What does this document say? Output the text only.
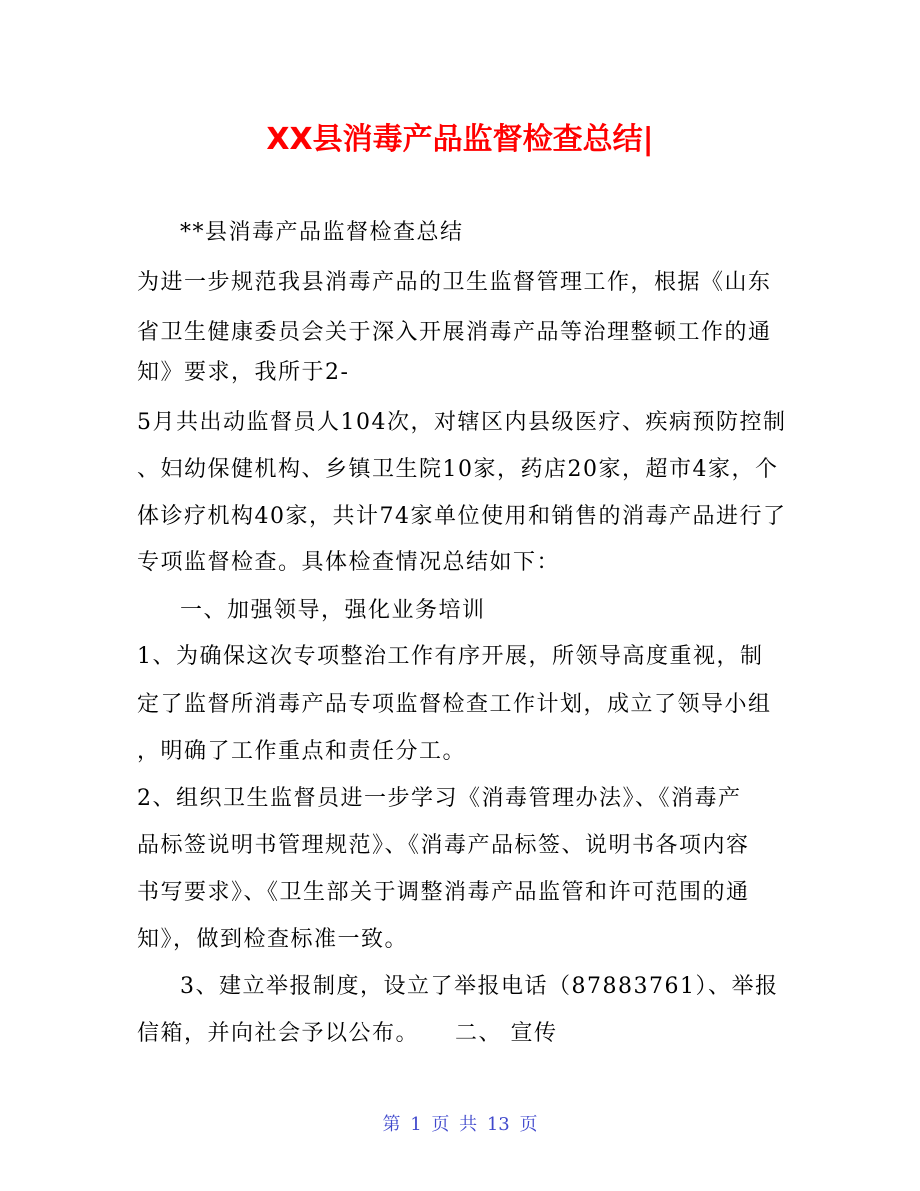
XX县消毒产品监督检查总结|
**县消毒产品监督检查总结
为进一步规范我县消毒产品的卫生监督管理工作，根据《山东
省卫生健康委员会关于深入开展消毒产品等治理整顿工作的通
知》要求，我所于2-
5月共出动监督员人104次，对辖区内县级医疗、疾病预防控制
、妇幼保健机构、乡镇卫生院10家，药店20家，超市4家，个
体诊疗机构40家，共计74家单位使用和销售的消毒产品进行了
专项监督检查。具体检查情况总结如下：
一、加强领导，强化业务培训
1、为确保这次专项整治工作有序开展，所领导高度重视，制
定了监督所消毒产品专项监督检查工作计划，成立了领导小组
，明确了工作重点和责任分工。
2、组织卫生监督员进一步学习《消毒管理办法》、《消毒产
品标签说明书管理规范》、《消毒产品标签、说明书各项内容
书写要求》、《卫生部关于调整消毒产品监管和许可范围的通
知》，做到检查标准一致。
3、建立举报制度，设立了举报电话（87883761）、举报
信箱，并向社会予以公布。　　二、 宣传
第 1 页 共 13 页
